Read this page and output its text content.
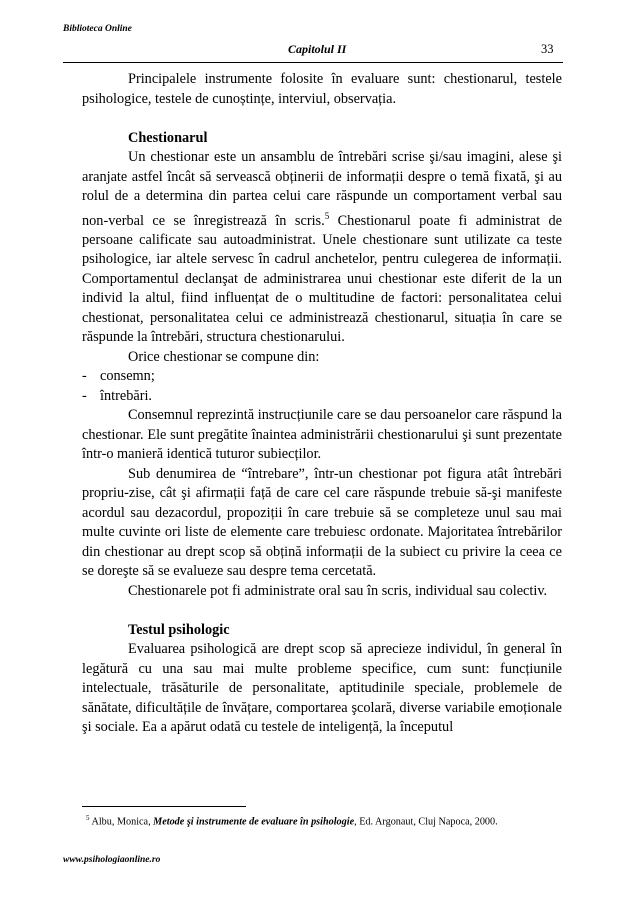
Biblioteca Online
Capitolul II	33

Principalele instrumente folosite în evaluare sunt: chestionarul, testele psihologice, testele de cunoștințe, interviul, observația.

Chestionarul

Un chestionar este un ansamblu de întrebări scrise şi/sau imagini, alese şi aranjate astfel încât să servească obținerii de informații despre o temă fixată, şi au rolul de a determina din partea celui care răspunde un comportament verbal sau non-verbal ce se înregistrează în scris.$^5$ Chestionarul poate fi administrat de persoane calificate sau autoadministrat. Unele chestionare sunt utilizate ca teste psihologice, iar altele servesc în cadrul anchetelor, pentru culegerea de informații. Comportamentul declanşat de administrarea unui chestionar este diferit de la un individ la altul, fiind influențat de o multitudine de factori: personalitatea celui chestionat, personalitatea celui ce administrează chestionarul, situația în care se răspunde la întrebări, structura chestionarului.

Orice chestionar se compune din:

- consemn;
- întrebări.

Consemnul reprezintă instrucțiunile care se dau persoanelor care răspund la chestionar. Ele sunt pregătite înaintea administrării chestionarului şi sunt prezentate într-o manieră identică tuturor subiecților.

Sub denumirea de “întrebare”, într-un chestionar pot figura atât întrebări propriu-zise, cât şi afirmații față de care cel care răspunde trebuie să-şi manifeste acordul sau dezacordul, propoziții în care trebuie să se completeze unul sau mai multe cuvinte ori liste de elemente care trebuiesc ordonate. Majoritatea întrebărilor din chestionar au drept scop să obțină informații de la subiect cu privire la ceea ce se doreşte să se evalueze sau despre tema cercetată.

Chestionarele pot fi administrate oral sau în scris, individual sau colectiv.

Testul psihologic

Evaluarea psihologică are drept scop să aprecieze individul, în general în legătură cu una sau mai multe probleme specifice, cum sunt: funcțiunile intelectuale, trăsăturile de personalitate, aptitudinile speciale, problemele de sănătate, dificultățile de învățare, comportarea şcolară, diverse variabile emoționale şi sociale. Ea a apărut odată cu testele de inteligență, la începutul

$^5$ Albu, Monica, Metode şi instrumente de evaluare în psihologie, Ed. Argonaut, Cluj Napoca, 2000.
www.psihologiaonline.ro
